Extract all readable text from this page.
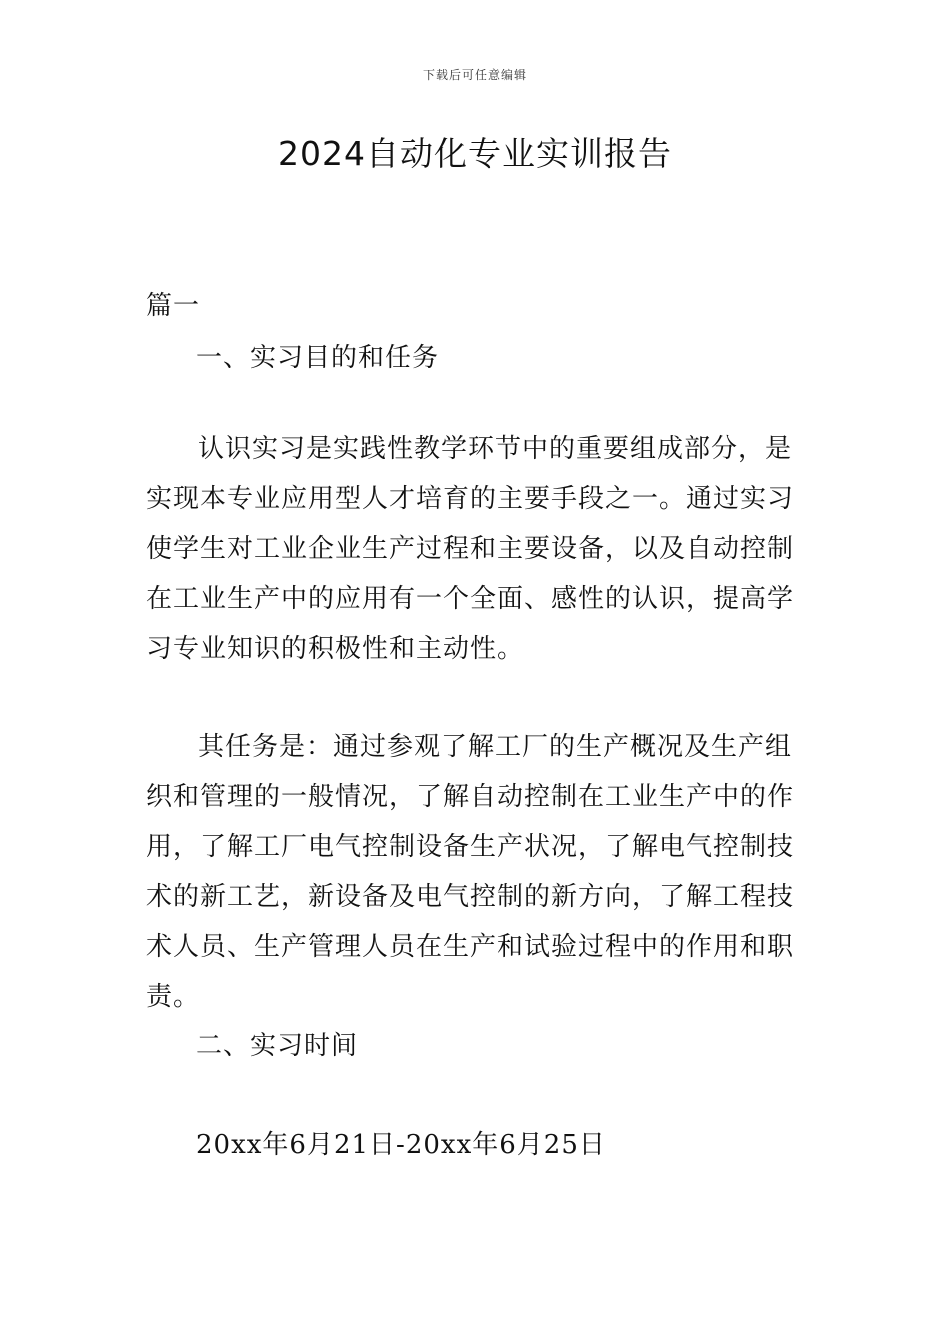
下载后可任意编辑
2024自动化专业实训报告

篇一

一、实习目的和任务

认识实习是实践性教学环节中的重要组成部分，是实现本专业应用型人才培育的主要手段之一。通过实习使学生对工业企业生产过程和主要设备，以及自动控制在工业生产中的应用有一个全面、感性的认识，提高学习专业知识的积极性和主动性。

其任务是：通过参观了解工厂的生产概况及生产组织和管理的一般情况，了解自动控制在工业生产中的作用，了解工厂电气控制设备生产状况，了解电气控制技术的新工艺，新设备及电气控制的新方向，了解工程技术人员、生产管理人员在生产和试验过程中的作用和职责。

二、实习时间

20xx年6月21日-20xx年6月25日
